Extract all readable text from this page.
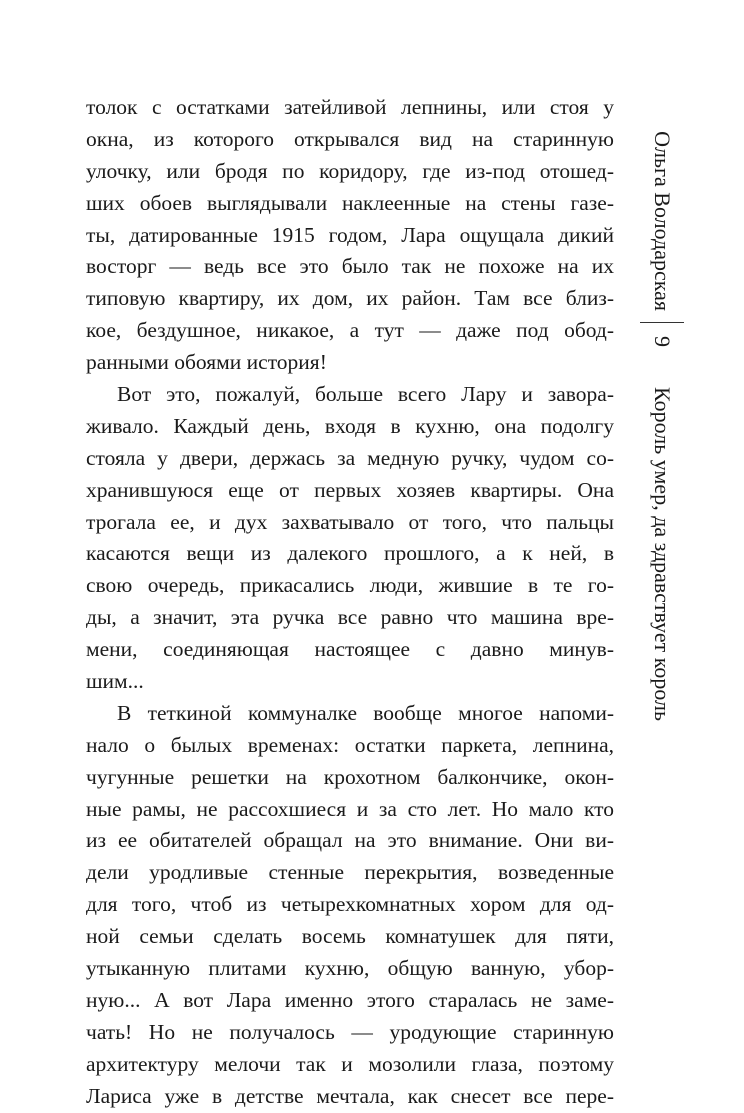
толок с остатками затейливой лепнины, или стоя у
окна, из которого открывался вид на старинную
улочку, или бродя по коридору, где из-под отошед-
ших обоев выглядывали наклеенные на стены газе-
ты, датированные 1915 годом, Лара ощущала дикий
восторг — ведь все это было так не похоже на их
типовую квартиру, их дом, их район. Там все близ-
кое, бездушное, никакое, а тут — даже под обод-
ранными обоями история!
Вот это, пожалуй, больше всего Лару и завора-
живало. Каждый день, входя в кухню, она подолгу
стояла у двери, держась за медную ручку, чудом со-
хранившуюся еще от первых хозяев квартиры. Она
трогала ее, и дух захватывало от того, что пальцы
касаются вещи из далекого прошлого, а к ней, в
свою очередь, прикасались люди, жившие в те го-
ды, а значит, эта ручка все равно что машина вре-
мени, соединяющая настоящее с давно минув-
шим...
В теткиной коммуналке вообще многое напоми-
нало о былых временах: остатки паркета, лепнина,
чугунные решетки на крохотном балкончике, окон-
ные рамы, не рассохшиеся и за сто лет. Но мало кто
из ее обитателей обращал на это внимание. Они ви-
дели уродливые стенные перекрытия, возведенные
для того, чтоб из четырехкомнатных хором для од-
ной семьи сделать восемь комнатушек для пяти,
утыканную плитами кухню, общую ванную, убор-
ную... А вот Лара именно этого старалась не заме-
чать! Но не получалось — уродующие старинную
архитектуру мелочи так и мозолили глаза, поэтому
Лариса уже в детстве мечтала, как снесет все пере-
Ольга Володарская
9
Король умер, да здравствует король
